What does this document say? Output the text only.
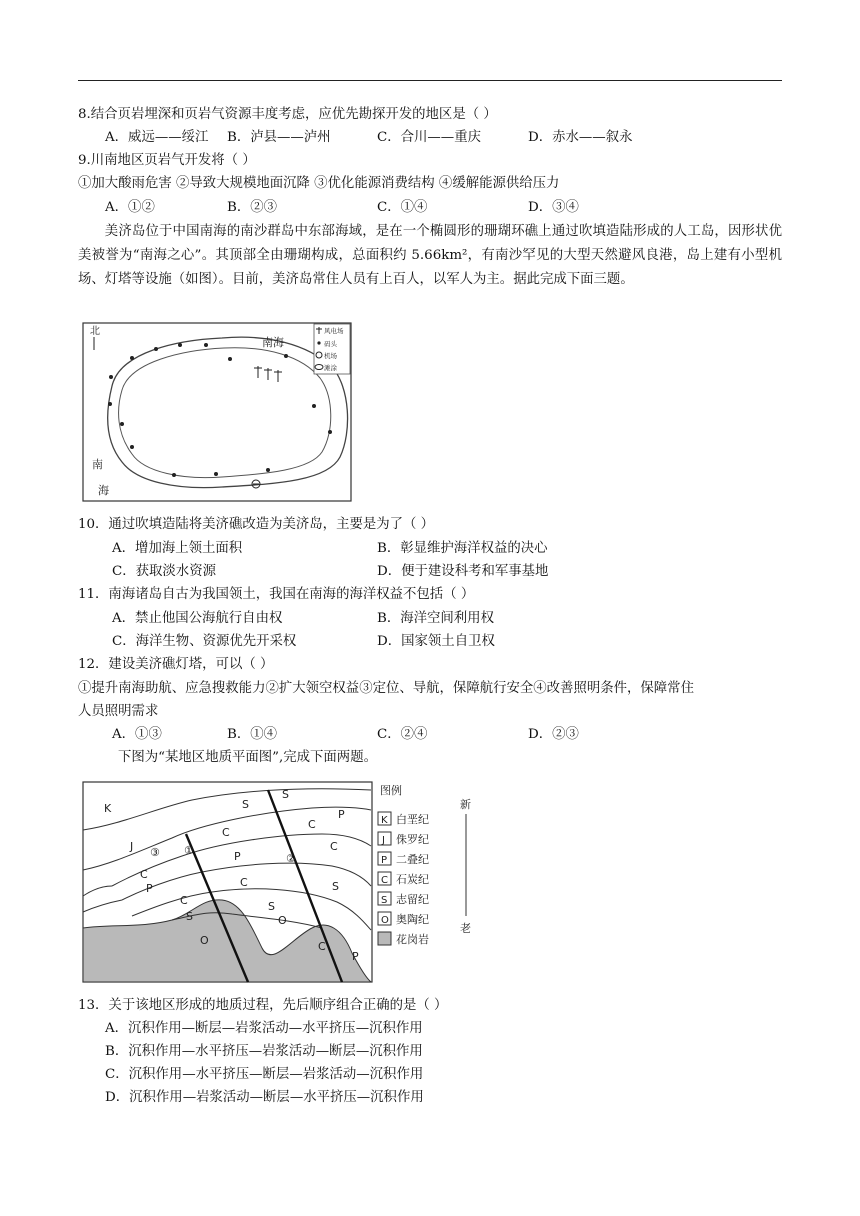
8.结合页岩埋深和页岩气资源丰度考虑，应优先勘探开发的地区是（ ）
A．威远——绥江 B．泸县——泸州	C．合川——重庆	D．赤水——叙永
9.川南地区页岩气开发将（ ）
①加大酸雨危害 ②导致大规模地面沉降 ③优化能源消费结构 ④缓解能源供给压力
A．①②	B．②③	C．①④	D．③④
美济岛位于中国南海的南沙群岛中东部海域，是在一个椭圆形的珊瑚环礁上通过吹填造陆形成的人工岛，因形状优美被誉为“南海之心”。其顶部全由珊瑚构成，总面积约 5.66km²，有南沙罕见的大型天然避风良港，岛上建有小型机场、灯塔等设施（如图）。目前，美济岛常住人员有上百人，以军人为主。据此完成下面三题。
北
南海
南
海
风电场
码头
机场
滩涂
10．通过吹填造陆将美济礁改造为美济岛，主要是为了（ ）
A．增加海上领土面积	B．彰显维护海洋权益的决心
C．获取淡水资源	D．便于建设科考和军事基地
11．南海诸岛自古为我国领土，我国在南海的海洋权益不包括（ ）
A．禁止他国公海航行自由权	B．海洋空间利用权
C．海洋生物、资源优先开采权	D．国家领土自卫权
12．建设美济礁灯塔，可以（ ）
①提升南海助航、应急搜救能力②扩大领空权益③定位、导航，保障航行安全④改善照明条件，保障常住
人员照明需求
A．①③	B．①④	C．②④	D．②③
下图为“某地区地质平面图”,完成下面两题。
K
J
S
S
P
C
C
P
C
C
P
C
C
S
S
S
O
O
C
P
③ ①
②
图例
K 白垩纪
J 侏罗纪
P 二叠纪
C 石炭纪
S 志留纪
O 奥陶纪
花岗岩
新
老
13．关于该地区形成的地质过程，先后顺序组合正确的是（ ）
A．沉积作用—断层—岩浆活动—水平挤压—沉积作用
B．沉积作用—水平挤压—岩浆活动—断层—沉积作用
C．沉积作用—水平挤压—断层—岩浆活动—沉积作用
D．沉积作用—岩浆活动—断层—水平挤压—沉积作用
